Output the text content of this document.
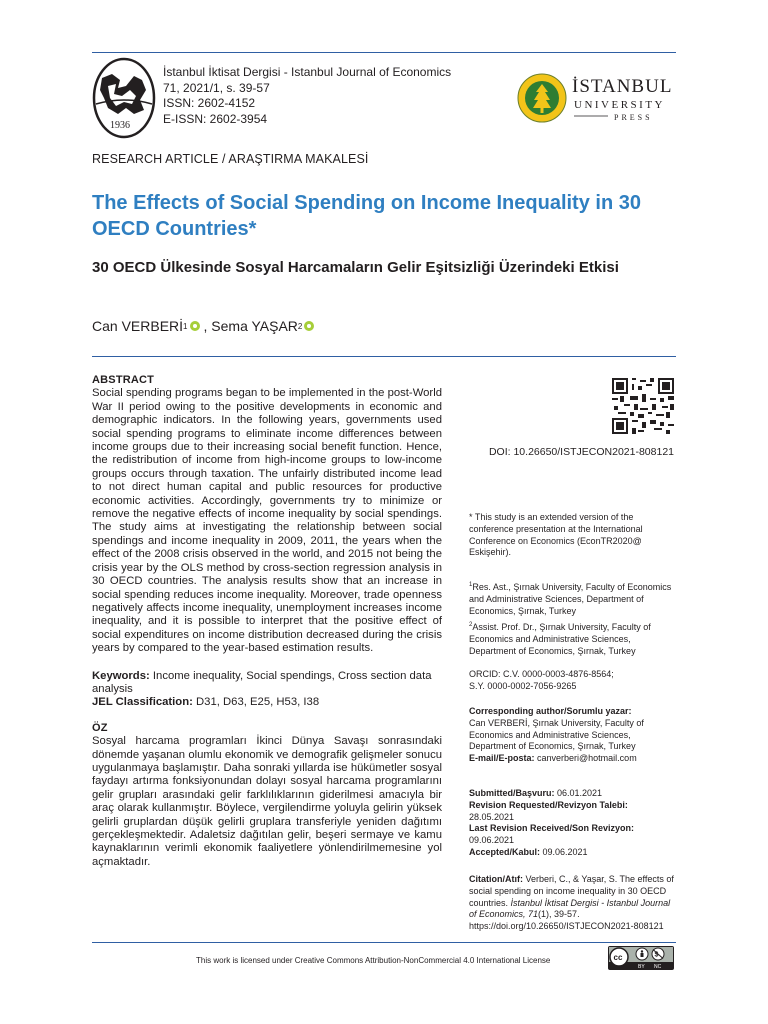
1936
İstanbul İktisat Dergisi - Istanbul Journal of Economics
71, 2021/1, s. 39-57
ISSN: 2602-4152
E-ISSN: 2602-3954
İSTANBUL
UNIVERSITY
PRESS
RESEARCH ARTICLE / ARAŞTIRMA MAKALESİ
The Effects of Social Spending on Income Inequality in 30 OECD Countries*
30 OECD Ülkesinde Sosyal Harcamaların Gelir Eşitsizliği Üzerindeki Etkisi
Can VERBERİ 1 , Sema YAŞAR 2
ABSTRACT
Social spending programs began to be implemented in the post-World War II period owing to the positive developments in economic and demographic indicators. In the following years, governments used social spending programs to eliminate income differences between income groups due to their increasing social benefit function. Hence, the redistribution of income from high-income groups to low-income groups occurs through taxation. The unfairly distributed income lead to not direct human capital and public resources for productive economic activities. Accordingly, governments try to minimize or remove the negative effects of income inequality by social spendings. The study aims at investigating the relationship between social spendings and income inequality in 2009, 2011, the years when the effect of the 2008 crisis observed in the world, and 2015 not being the crisis year by the OLS method by cross-section regression analysis in 30 OECD countries. The analysis results show that an increase in social spending reduces income inequality. Moreover, trade openness negatively affects income inequality, unemployment increases income inequality, and it is possible to interpret that the positive effect of social expenditures on income distribution decreased during the crisis years by compared to the year-based estimation results.
Keywords: Income inequality, Social spendings, Cross section data analysis
JEL Classification: D31, D63, E25, H53, I38
ÖZ
Sosyal harcama programları İkinci Dünya Savaşı sonrasındaki dönemde yaşanan olumlu ekonomik ve demografik gelişmeler sonucu uygulanmaya başlamıştır. Daha sonraki yıllarda ise hükümetler sosyal faydayı artırma fonksiyonundan dolayı sosyal harcama programlarını gelir grupları arasındaki gelir farklılıklarının giderilmesi amacıyla bir araç olarak kullanmıştır. Böylece, vergilendirme yoluyla gelirin yüksek gelirli gruplardan düşük gelirli gruplara transferiyle yeniden dağıtımı gerçekleşmektedir. Adaletsiz dağıtılan gelir, beşeri sermaye ve kamu kaynaklarının verimli ekonomik faaliyetlere yönlendirilmemesine yol açmaktadır.
DOI: 10.26650/ISTJECON2021-808121
* This study is an extended version of the conference presentation at the International Conference on Economics (EconTR2020@ Eskişehir).
$^1$Res. Ast., Şırnak University, Faculty of Economics and Administrative Sciences, Department of Economics, Şırnak, Turkey
$^2$Assist. Prof. Dr., Şırnak University, Faculty of Economics and Administrative Sciences, Department of Economics, Şırnak, Turkey
ORCID: C.V. 0000-0003-4876-8564;
S.Y. 0000-0002-7056-9265
Corresponding author/Sorumlu yazar:
Can VERBERİ, Şırnak University, Faculty of Economics and Administrative Sciences, Department of Economics, Şırnak, Turkey
E-mail/E-posta: canverberi@hotmail.com
Submitted/Başvuru: 06.01.2021
Revision Requested/Revizyon Talebi:
28.05.2021
Last Revision Received/Son Revizyon:
09.06.2021
Accepted/Kabul: 09.06.2021
Citation/Atıf: Verberi, C., & Yaşar, S. The effects of social spending on income inequality in 30 OECD countries. İstanbul İktisat Dergisi - Istanbul Journal of Economics, 71(1), 39-57. https://doi.org/10.26650/ISTJECON2021-808121
This work is licensed under Creative Commons Attribution-NonCommercial 4.0 International License	cc	$
BY NC
